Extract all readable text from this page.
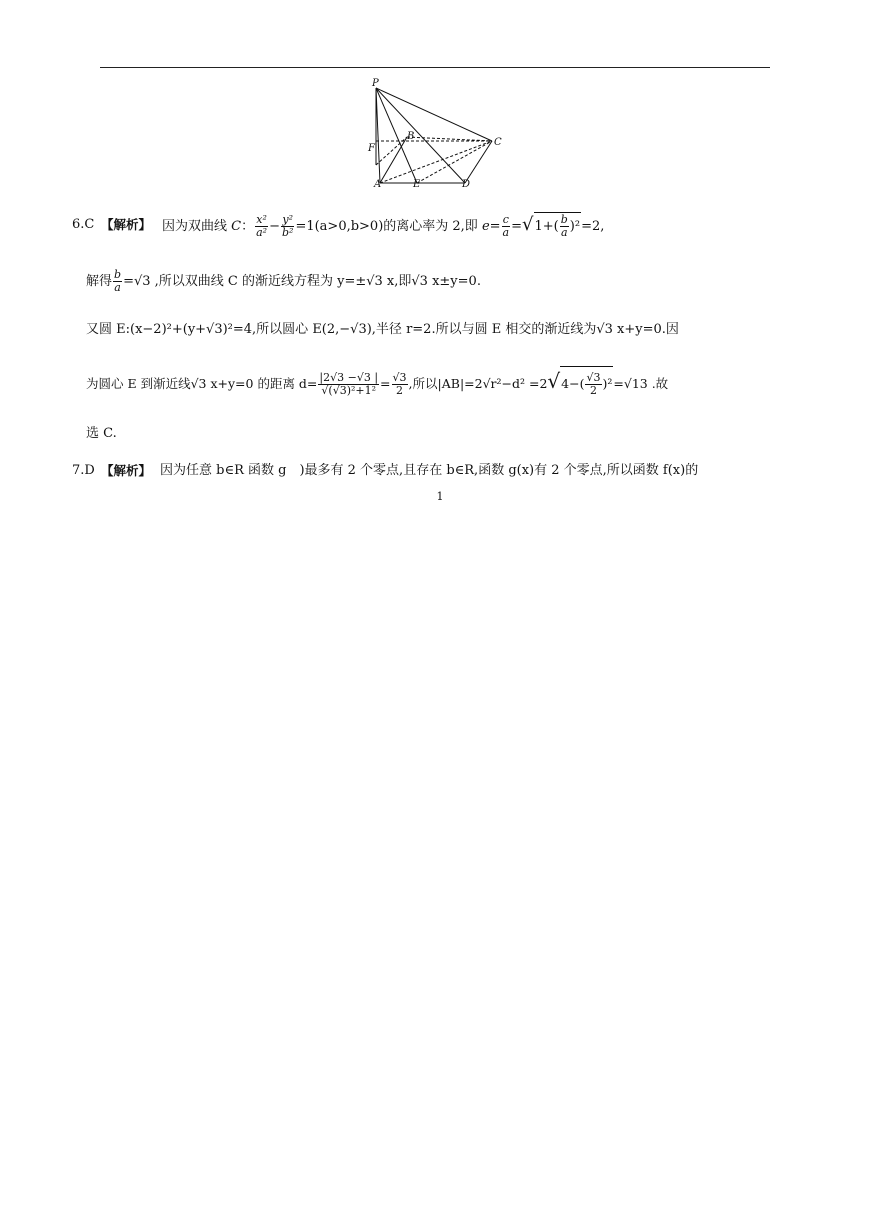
P
B
C
F
A	E	D
6.C 【解析】 因为双曲线 C： $\frac{\text{x²}}{\text{a²}} - \frac{\text{y²}}{\text{b²}} =1(a>0,b>0)$的离心率为 2,即 $e= \frac{c}{a} =√1+( \frac{b}{a} )^2=2$,
解得 $\frac{b}{a} =√3$ ,所以双曲线 C 的渐近线方程为 y=±√3 x,即√3 x±y=0.
又圆 E:(x−2)²+(y+√3)²=4,所以圆心 E(2,−√3),半径 r=2.所以与圆 E 相交的渐近线为√3 x+y=0.因
为圆心 E 到渐近线√3 x+y=0 的距离 $d= \frac{|2√3 -√3 |}{\text{√(√3)²+1²}} = \frac{√3}{2}$ ,所以$|AB|=2√r^2-d^2 =2√4-( \frac{√3}{2} )^2=√13$ .故
选 C.
7.D 【解析】 因为任意 b∈R 函数 g　)最多有 2 个零点,且存在 b∈R,函数 g(x)有 2 个零点,所以函数 f(x)的
1
